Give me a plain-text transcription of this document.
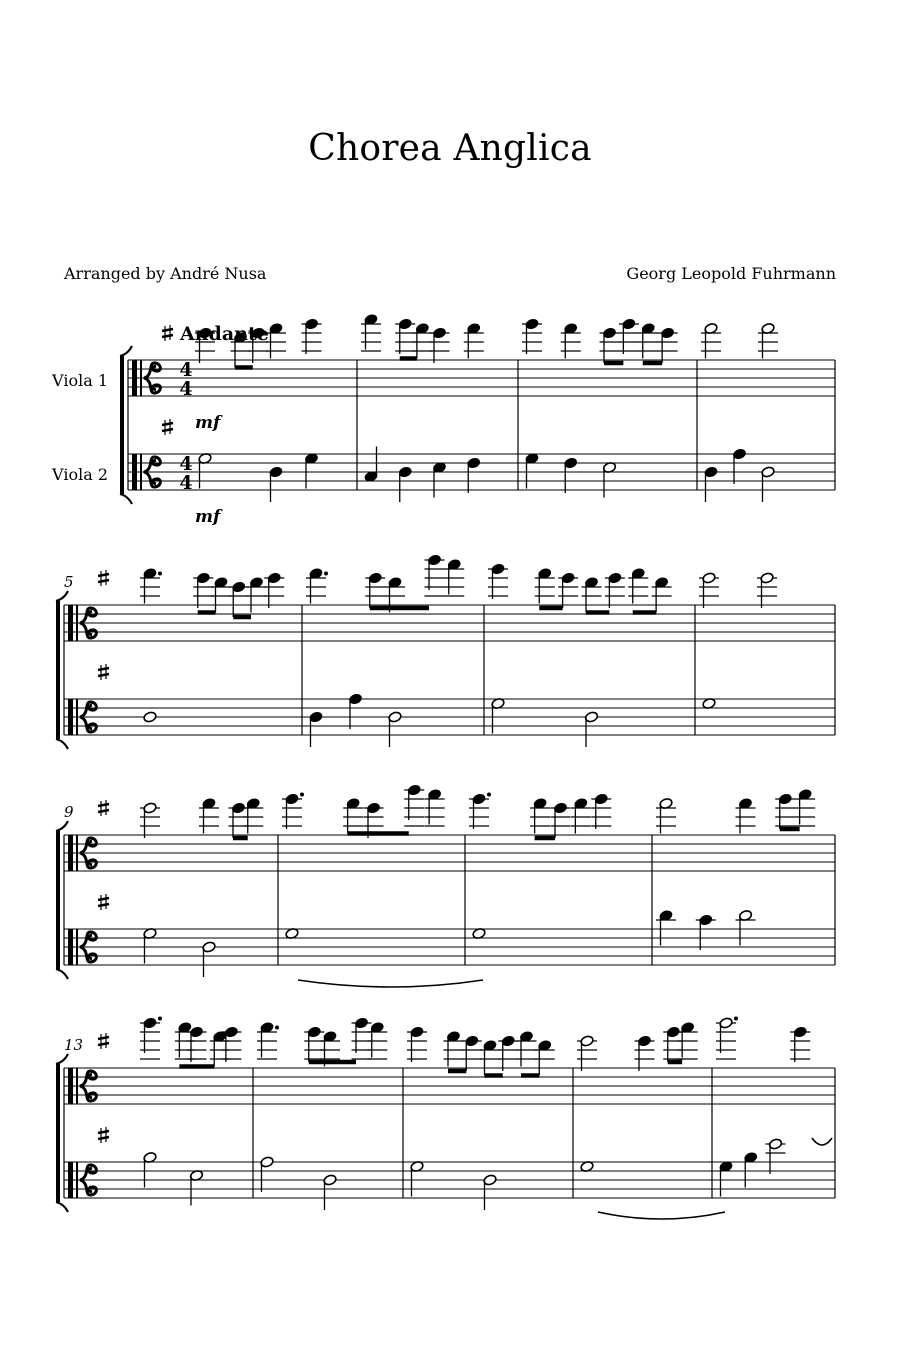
Chorea Anglica
Arranged by André Nusa	Georg Leopold Fuhrmann
4
4
4
4
5
9
13
Viola 1
mf
Viola 2
mf
Andante
